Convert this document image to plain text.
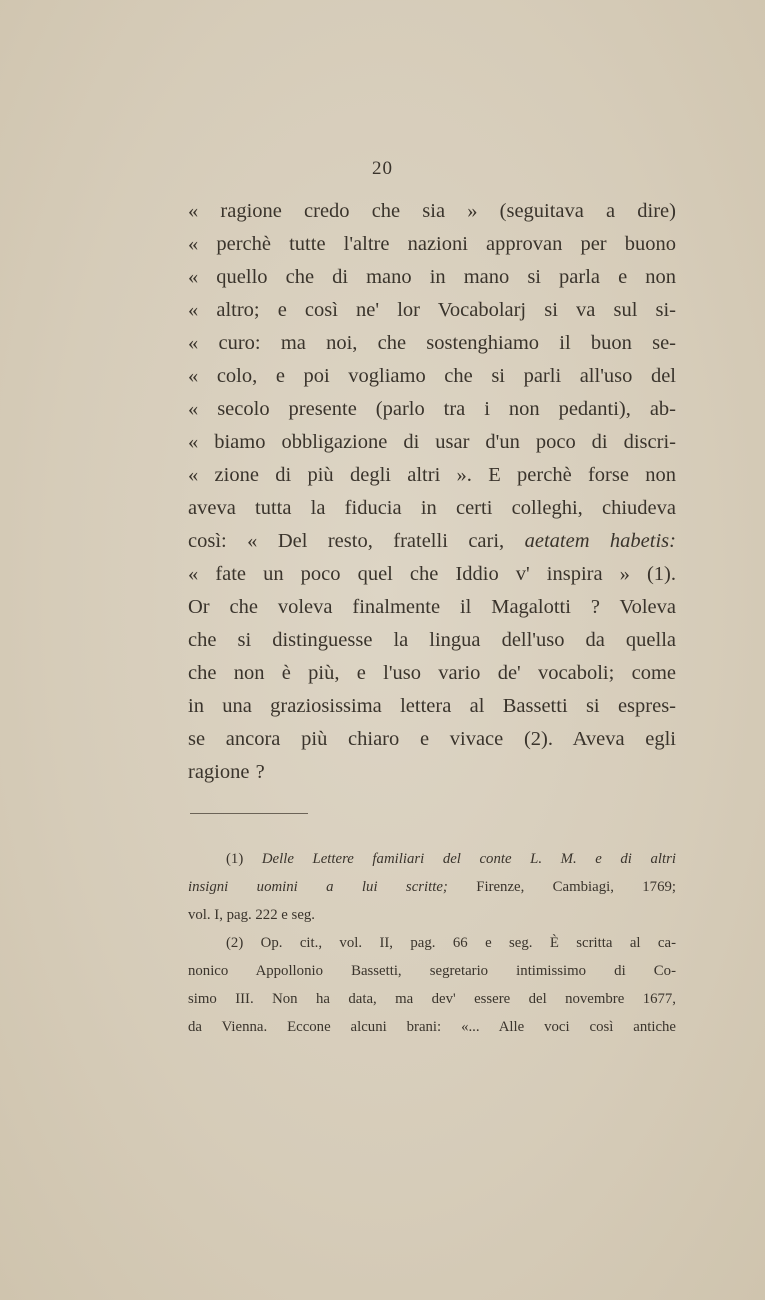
20
« ragione credo che sia » (seguitava a dire)
« perchè tutte l'altre nazioni approvan per buono
« quello che di mano in mano si parla e non
« altro; e così ne' lor Vocabolarj si va sul si-
« curo: ma noi, che sostenghiamo il buon se-
« colo, e poi vogliamo che si parli all'uso del
« secolo presente (parlo tra i non pedanti), ab-
« biamo obbligazione di usar d'un poco di discri-
« zione di più degli altri ». E perchè forse non
aveva tutta la fiducia in certi colleghi, chiudeva
così: « Del resto, fratelli cari, aetatem habetis:
« fate un poco quel che Iddio v' inspira » (1).
Or che voleva finalmente il Magalotti ? Voleva
che si distinguesse la lingua dell'uso da quella
che non è più, e l'uso vario de' vocaboli; come
in una graziosissima lettera al Bassetti si espres-
se ancora più chiaro e vivace (2). Aveva egli
ragione ?
(1) Delle Lettere familiari del conte L. M. e di altri
insigni uomini a lui scritte; Firenze, Cambiagi, 1769;
vol. I, pag. 222 e seg.
(2) Op. cit., vol. II, pag. 66 e seg. È scritta al ca-
nonico Appollonio Bassetti, segretario intimissimo di Co-
simo III. Non ha data, ma dev' essere del novembre 1677,
da Vienna. Eccone alcuni brani: «... Alle voci così antiche
